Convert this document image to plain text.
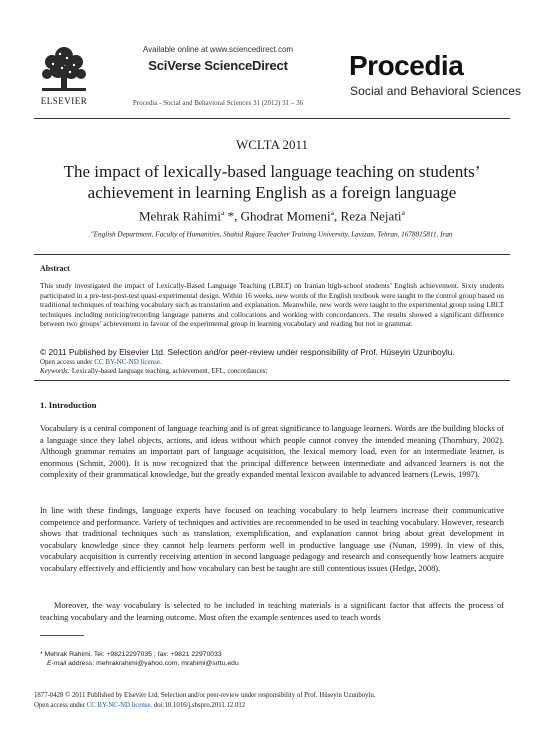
ELSEVIER
Available online at www.sciencedirect.com
SciVerse ScienceDirect
Procedia - Social and Behavioral Sciences 31 (2012) 31 – 36
Procedia
Social and Behavioral Sciences
WCLTA 2011
The impact of lexically-based language teaching on students’ achievement in learning English as a foreign language
Mehrak Rahimi$^a$ *, Ghodrat Momeni$^a$, Reza Nejati$^a$
$^a$English Department, Faculty of Humanities, Shahid Rajaee Teacher Training University, Lavizan, Tehran, 1678815811, Iran
Abstract
This study investigated the impact of Lexically-Based Language Teaching (LBLT) on Iranian high-school students’ English achievement. Sixty students participated in a pre-test-post-test quasi-experimental design. Within 16 weeks, new words of the English textbook were taught to the control group based on traditional techniques of teaching vocabulary such as translation and explanation. Meanwhile, new words were taught to the experimental group using LBLT techniques including noticing/recording language patterns and collocations and working with concordancers. The results showed a significant difference between two groups’ achievement in favour of the experimental group in learning vocabulary and reading but not in grammar.
© 2011 Published by Elsevier Ltd. Selection and/or peer-review under responsibility of Prof. Hüseyin Uzunboylu.
Open access under CC BY-NC-ND license.
Keywords: Lexically-based language teaching, achievement, EFL, concordances;
1. Introduction
Vocabulary is a central component of language teaching and is of great significance to language learners. Words are the building blocks of a language since they label objects, actions, and ideas without which people cannot convey the intended meaning (Thornbury, 2002). Although grammar remains an important part of language acquisition, the lexical memory load, even for an intermediate learner, is enormous (Schmit, 2000). It is now recognized that the principal difference between intermediate and advanced learners is not the complexity of their grammatical knowledge, but the greatly expanded mental lexicon available to advanced learners (Lewis, 1997).
In line with these findings, language experts have focused on teaching vocabulary to help learners increase their communicative competence and performance. Variety of techniques and activities are recommended to be used in teaching vocabulary. However, research shows that traditional techniques such as translation, exemplification, and explanation cannot bring about great development in vocabulary knowledge since they cannot help learners perform well in productive language use (Nunan, 1999). In view of this, vocabulary acquisition is currently receiving attention in second language pedagogy and research and consequently how learners acquire vocabulary effectively and efficiently and how vocabulary can best be taught are still contentious issues (Hedge, 2008).
Moreover, the way vocabulary is selected to be included in teaching materials is a significant factor that affects the process of teaching vocabulary and the learning outcome. Most often the example sentences used to teach words
* Mehrak Rahimi. Tel: +98212297035 ; fax: +9821 22970033
E-mail address: mehrakrahimi@yahoo.com; mrahimi@srttu.edu
1877-0428 © 2011 Published by Elsevier Ltd. Selection and/or peer-review under responsibility of Prof. Hüseyin Uzunboylu.
Open access under CC BY-NC-ND license. doi:10.1016/j.sbspro.2011.12.012
